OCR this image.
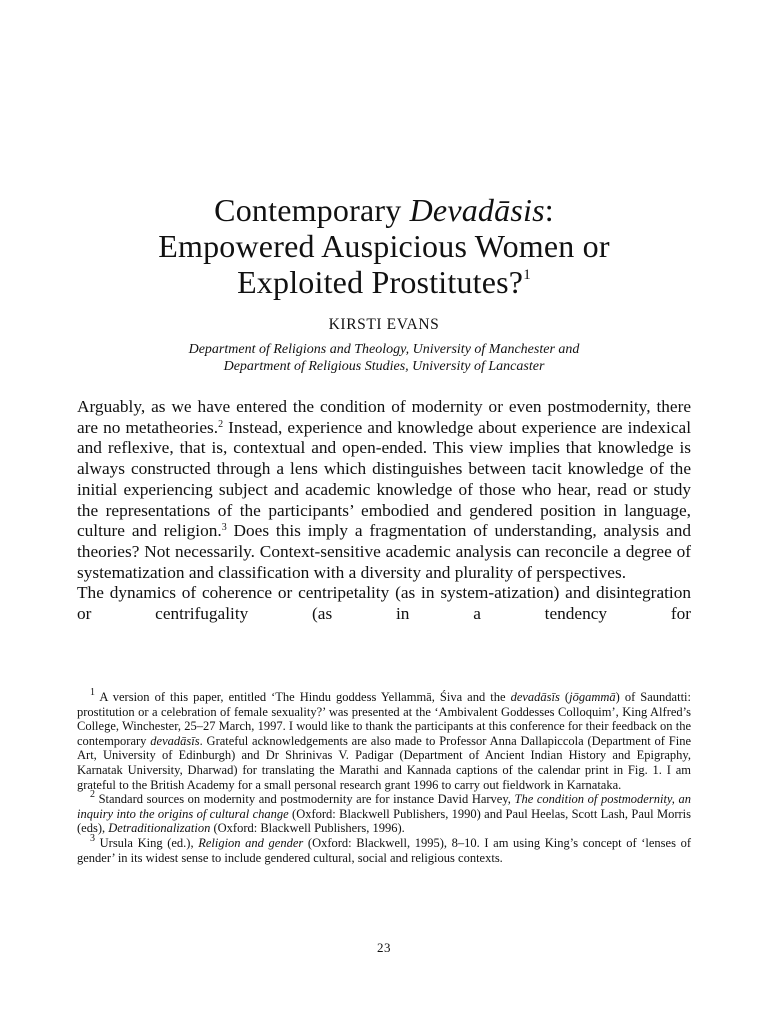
Contemporary Devadāsis:
Empowered Auspicious Women or
Exploited Prostitutes?$^1$
KIRSTI EVANS
Department of Religions and Theology, University of Manchester and
Department of Religious Studies, University of Lancaster

Arguably, as we have entered the condition of modernity or even postmodernity, there are no metatheories.$^2$ Instead, experience and knowledge about experience are indexical and reflexive, that is, contextual and open-ended. This view implies that knowledge is always constructed through a lens which distinguishes between tacit knowledge of the initial experiencing subject and academic knowledge of those who hear, read or study the representations of the participants’ embodied and gendered position in language, culture and religion.$^3$ Does this imply a fragmentation of understanding, analysis and theories? Not necessarily. Context-sensitive academic analysis can reconcile a degree of systematization and classification with a diversity and plurality of perspectives.

The dynamics of coherence or centripetality (as in system-atization) and disintegration or centrifugality (as in a tendency for

$^1$ A version of this paper, entitled ‘The Hindu goddess Yellammā, Śiva and the devadāsīs (jōgammā) of Saundatti: prostitution or a celebration of female sexuality?’ was presented at the ‘Ambivalent Goddesses Colloquim’, King Alfred’s College, Winchester, 25–27 March, 1997. I would like to thank the participants at this conference for their feedback on the contemporary devadāsīs. Grateful acknowledgements are also made to Professor Anna Dallapiccola (Department of Fine Art, University of Edinburgh) and Dr Shrinivas V. Padigar (Department of Ancient Indian History and Epigraphy, Karnatak University, Dharwad) for translating the Marathi and Kannada captions of the calendar print in Fig. 1. I am grateful to the British Academy for a small personal research grant 1996 to carry out fieldwork in Karnataka.

$^2$ Standard sources on modernity and postmodernity are for instance David Harvey, The condition of postmodernity, an inquiry into the origins of cultural change (Oxford: Blackwell Publishers, 1990) and Paul Heelas, Scott Lash, Paul Morris (eds), Detraditionalization (Oxford: Blackwell Publishers, 1996).

$^3$ Ursula King (ed.), Religion and gender (Oxford: Blackwell, 1995), 8–10. I am using King’s concept of ‘lenses of gender’ in its widest sense to include gendered cultural, social and religious contexts.

23
